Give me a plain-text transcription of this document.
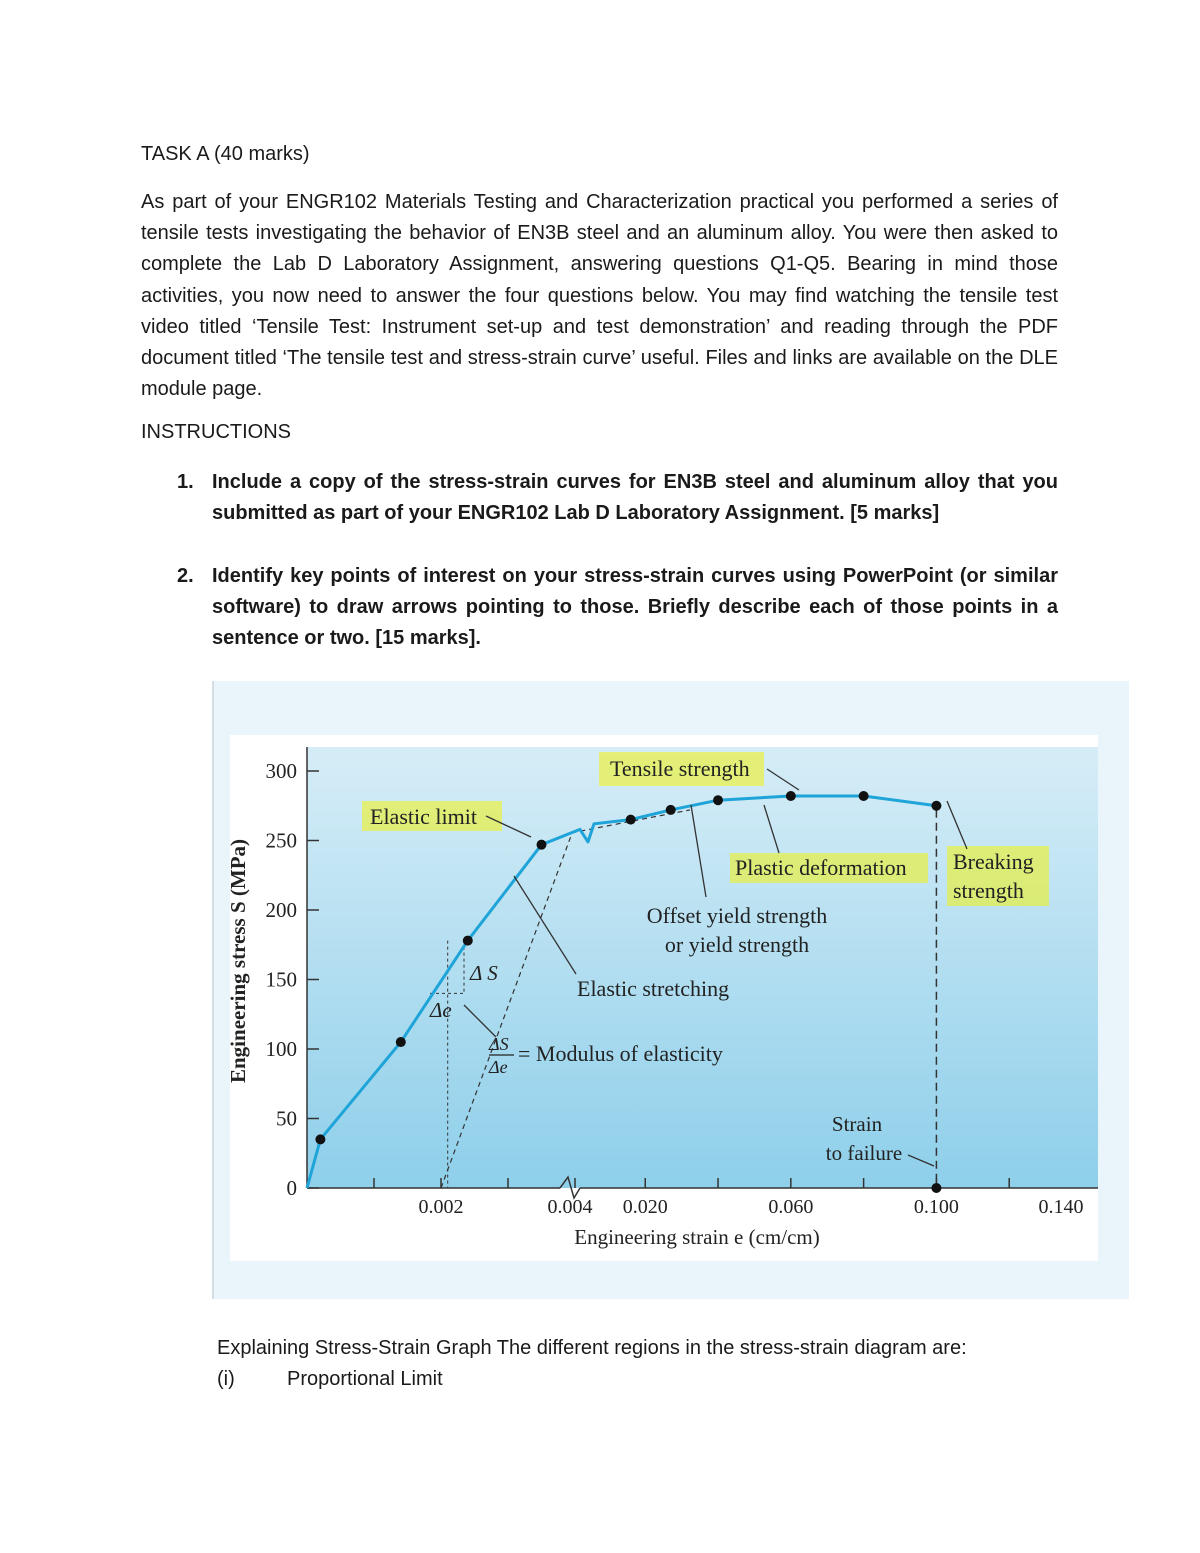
TASK A (40 marks)

As part of your ENGR102 Materials Testing and Characterization practical you performed a series of tensile tests investigating the behavior of EN3B steel and an aluminum alloy. You were then asked to complete the Lab D Laboratory Assignment, answering questions Q1-Q5. Bearing in mind those activities, you now need to answer the four questions below. You may find watching the tensile test video titled ‘Tensile Test: Instrument set-up and test demonstration’ and reading through the PDF document titled ‘The tensile test and stress-strain curve’ useful. Files and links are available on the DLE module page.

INSTRUCTIONS
1. Include a copy of the stress-strain curves for EN3B steel and aluminum alloy that you submitted as part of your ENGR102 Lab D Laboratory Assignment. [5 marks]
2. Identify key points of interest on your stress-strain curves using PowerPoint (or similar software) to draw arrows pointing to those. Briefly describe each of those points in a sentence or two. [15 marks].
0
50
100
150
200
250
300
0.002	0.004 0.020	0.060	0.100	0.140
Engineering stress S (MPa)
Engineering strain e (cm/cm)
Tensile strength
Elastic limit
Plastic deformation Breaking
strength
Offset yield strength
or yield strength
Elastic stretching
Δ S
Δe
ΔS
Δe
= Modulus of elasticity
Strain
to failure
Explaining Stress-Strain Graph The different regions in the stress-strain diagram are:
(i)	Proportional Limit
